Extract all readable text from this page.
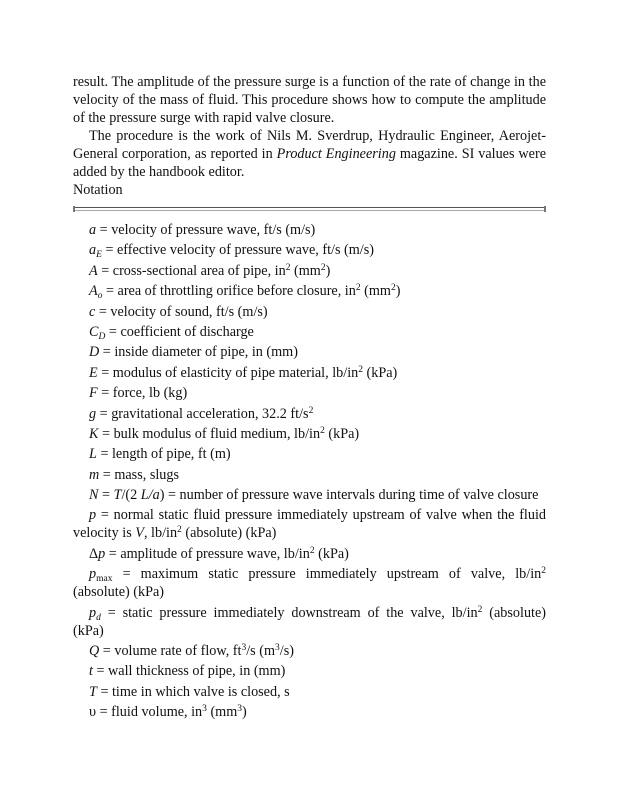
result. The amplitude of the pressure surge is a function of the rate of change in the velocity of the mass of fluid. This procedure shows how to compute the amplitude of the pressure surge with rapid valve closure.

The procedure is the work of Nils M. Sverdrup, Hydraulic Engineer, Aerojet-General corporation, as reported in Product Engineering magazine. SI values were added by the handbook editor.

Notation

a = velocity of pressure wave, ft/s (m/s)

$a_E$ = effective velocity of pressure wave, ft/s (m/s)

A = cross-sectional area of pipe, $in^2$ $(mm^2)$

$A_o$ = area of throttling orifice before closure, $in^2$ $(mm^2)$

c = velocity of sound, ft/s (m/s)

$C_D$ = coefficient of discharge

D = inside diameter of pipe, in (mm)

E = modulus of elasticity of pipe material, $lb/in^2$ (kPa)

F = force, lb (kg)

g = gravitational acceleration, 32.2 $ft/s^2$

K = bulk modulus of fluid medium, $lb/in^2$ (kPa)

L = length of pipe, ft (m)

m = mass, slugs

N = T/(2 L/a) = number of pressure wave intervals during time of valve closure

p = normal static fluid pressure immediately upstream of valve when the fluid velocity is V, $lb/in^2$ (absolute) (kPa)

Δp = amplitude of pressure wave, $lb/in^2$ (kPa)

$p_{max}$ = maximum static pressure immediately upstream of valve, $lb/in^2$ (absolute) (kPa)

$p_d$ = static pressure immediately downstream of the valve, $lb/in^2$ (absolute) (kPa)

Q = volume rate of flow, $ft^3/s$ $(m^3/s)$

t = wall thickness of pipe, in (mm)

T = time in which valve is closed, s

υ = fluid volume, $in^3$ $(mm^3)$
